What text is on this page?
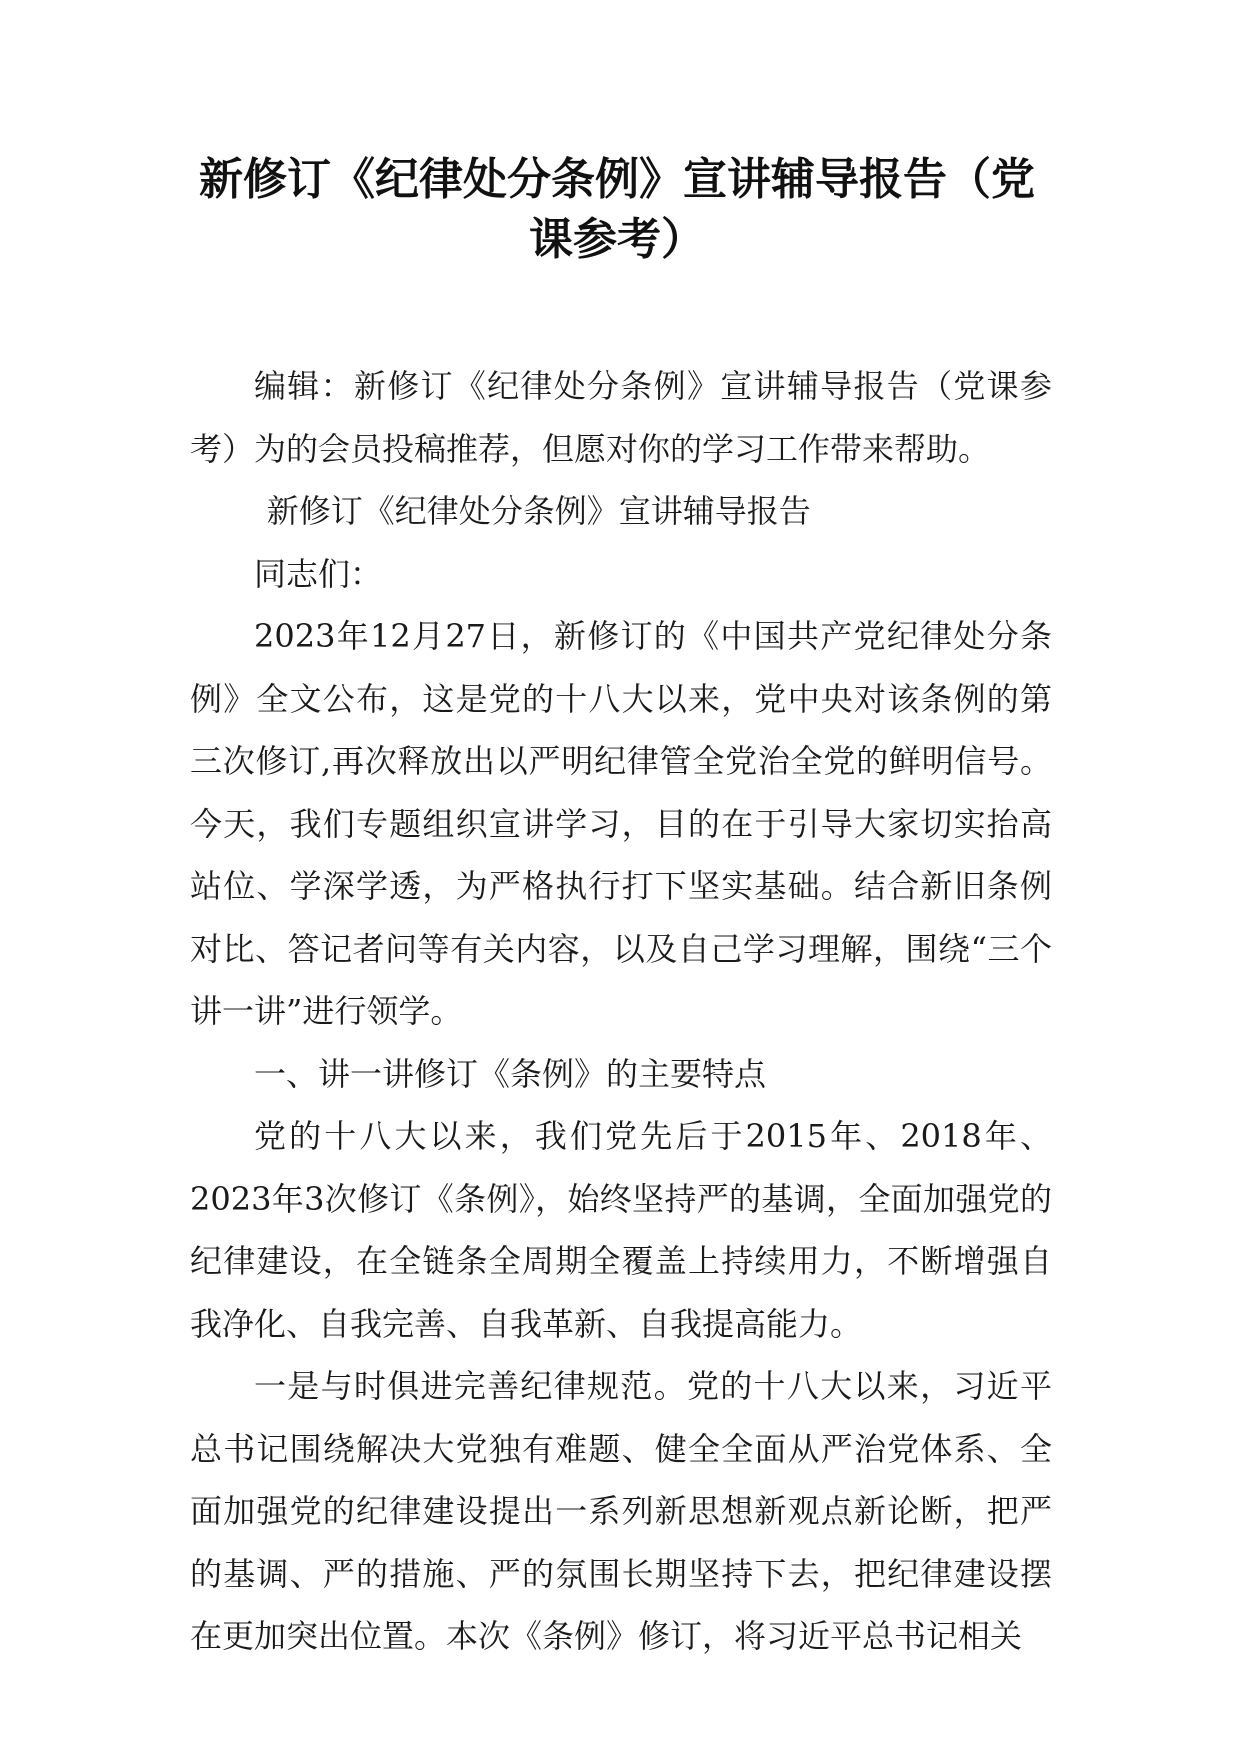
新修订《纪律处分条例》宣讲辅导报告（党课参考）

编辑：新修订《纪律处分条例》宣讲辅导报告（党课参考）为的会员投稿推荐，但愿对你的学习工作带来帮助。

新修订《纪律处分条例》宣讲辅导报告

同志们：

2023年12月27日，新修订的《中国共产党纪律处分条例》全文公布，这是党的十八大以来，党中央对该条例的第三次修订,再次释放出以严明纪律管全党治全党的鲜明信号。今天，我们专题组织宣讲学习，目的在于引导大家切实抬高站位、学深学透，为严格执行打下坚实基础。结合新旧条例对比、答记者问等有关内容，以及自己学习理解，围绕“三个讲一讲”进行领学。

一、讲一讲修订《条例》的主要特点

党的十八大以来，我们党先后于2015年、2018年、2023年3次修订《条例》，始终坚持严的基调，全面加强党的纪律建设，在全链条全周期全覆盖上持续用力，不断增强自我净化、自我完善、自我革新、自我提高能力。

一是与时俱进完善纪律规范。党的十八大以来，习近平总书记围绕解决大党独有难题、健全全面从严治党体系、全面加强党的纪律建设提出一系列新思想新观点新论断，把严的基调、严的措施、严的氛围长期坚持下去，把纪律建设摆在更加突出位置。本次《条例》修订，将习近平总书记相关
